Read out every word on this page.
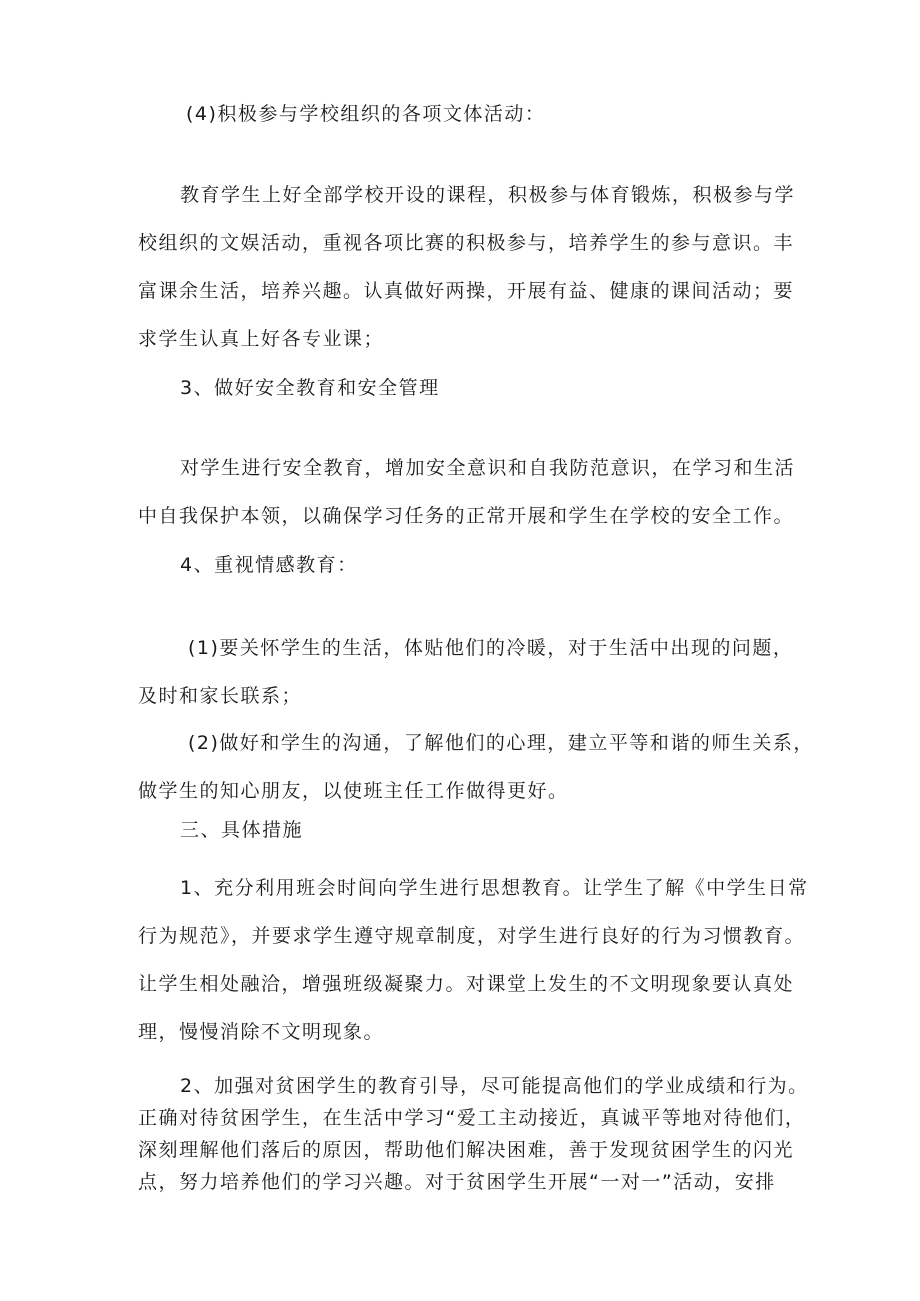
(4)积极参与学校组织的各项文体活动：
教育学生上好全部学校开设的课程，积极参与体育锻炼，积极参与学
校组织的文娱活动，重视各项比赛的积极参与，培养学生的参与意识。丰
富课余生活，培养兴趣。认真做好两操，开展有益、健康的课间活动；要
求学生认真上好各专业课；
3、做好安全教育和安全管理
对学生进行安全教育，增加安全意识和自我防范意识，在学习和生活
中自我保护本领，以确保学习任务的正常开展和学生在学校的安全工作。
4、重视情感教育：
(1)要关怀学生的生活，体贴他们的冷暖，对于生活中出现的问题，
及时和家长联系；
(2)做好和学生的沟通，了解他们的心理，建立平等和谐的师生关系，
做学生的知心朋友，以使班主任工作做得更好。
三、具体措施
1、充分利用班会时间向学生进行思想教育。让学生了解《中学生日常
行为规范》，并要求学生遵守规章制度，对学生进行良好的行为习惯教育。
让学生相处融洽，增强班级凝聚力。对课堂上发生的不文明现象要认真处
理，慢慢消除不文明现象。
2、加强对贫困学生的教育引导，尽可能提高他们的学业成绩和行为。
正确对待贫困学生，在生活中学习“爱工主动接近，真诚平等地对待他们，
深刻理解他们落后的原因，帮助他们解决困难，善于发现贫困学生的闪光
点，努力培养他们的学习兴趣。对于贫困学生开展“一对一”活动，安排
